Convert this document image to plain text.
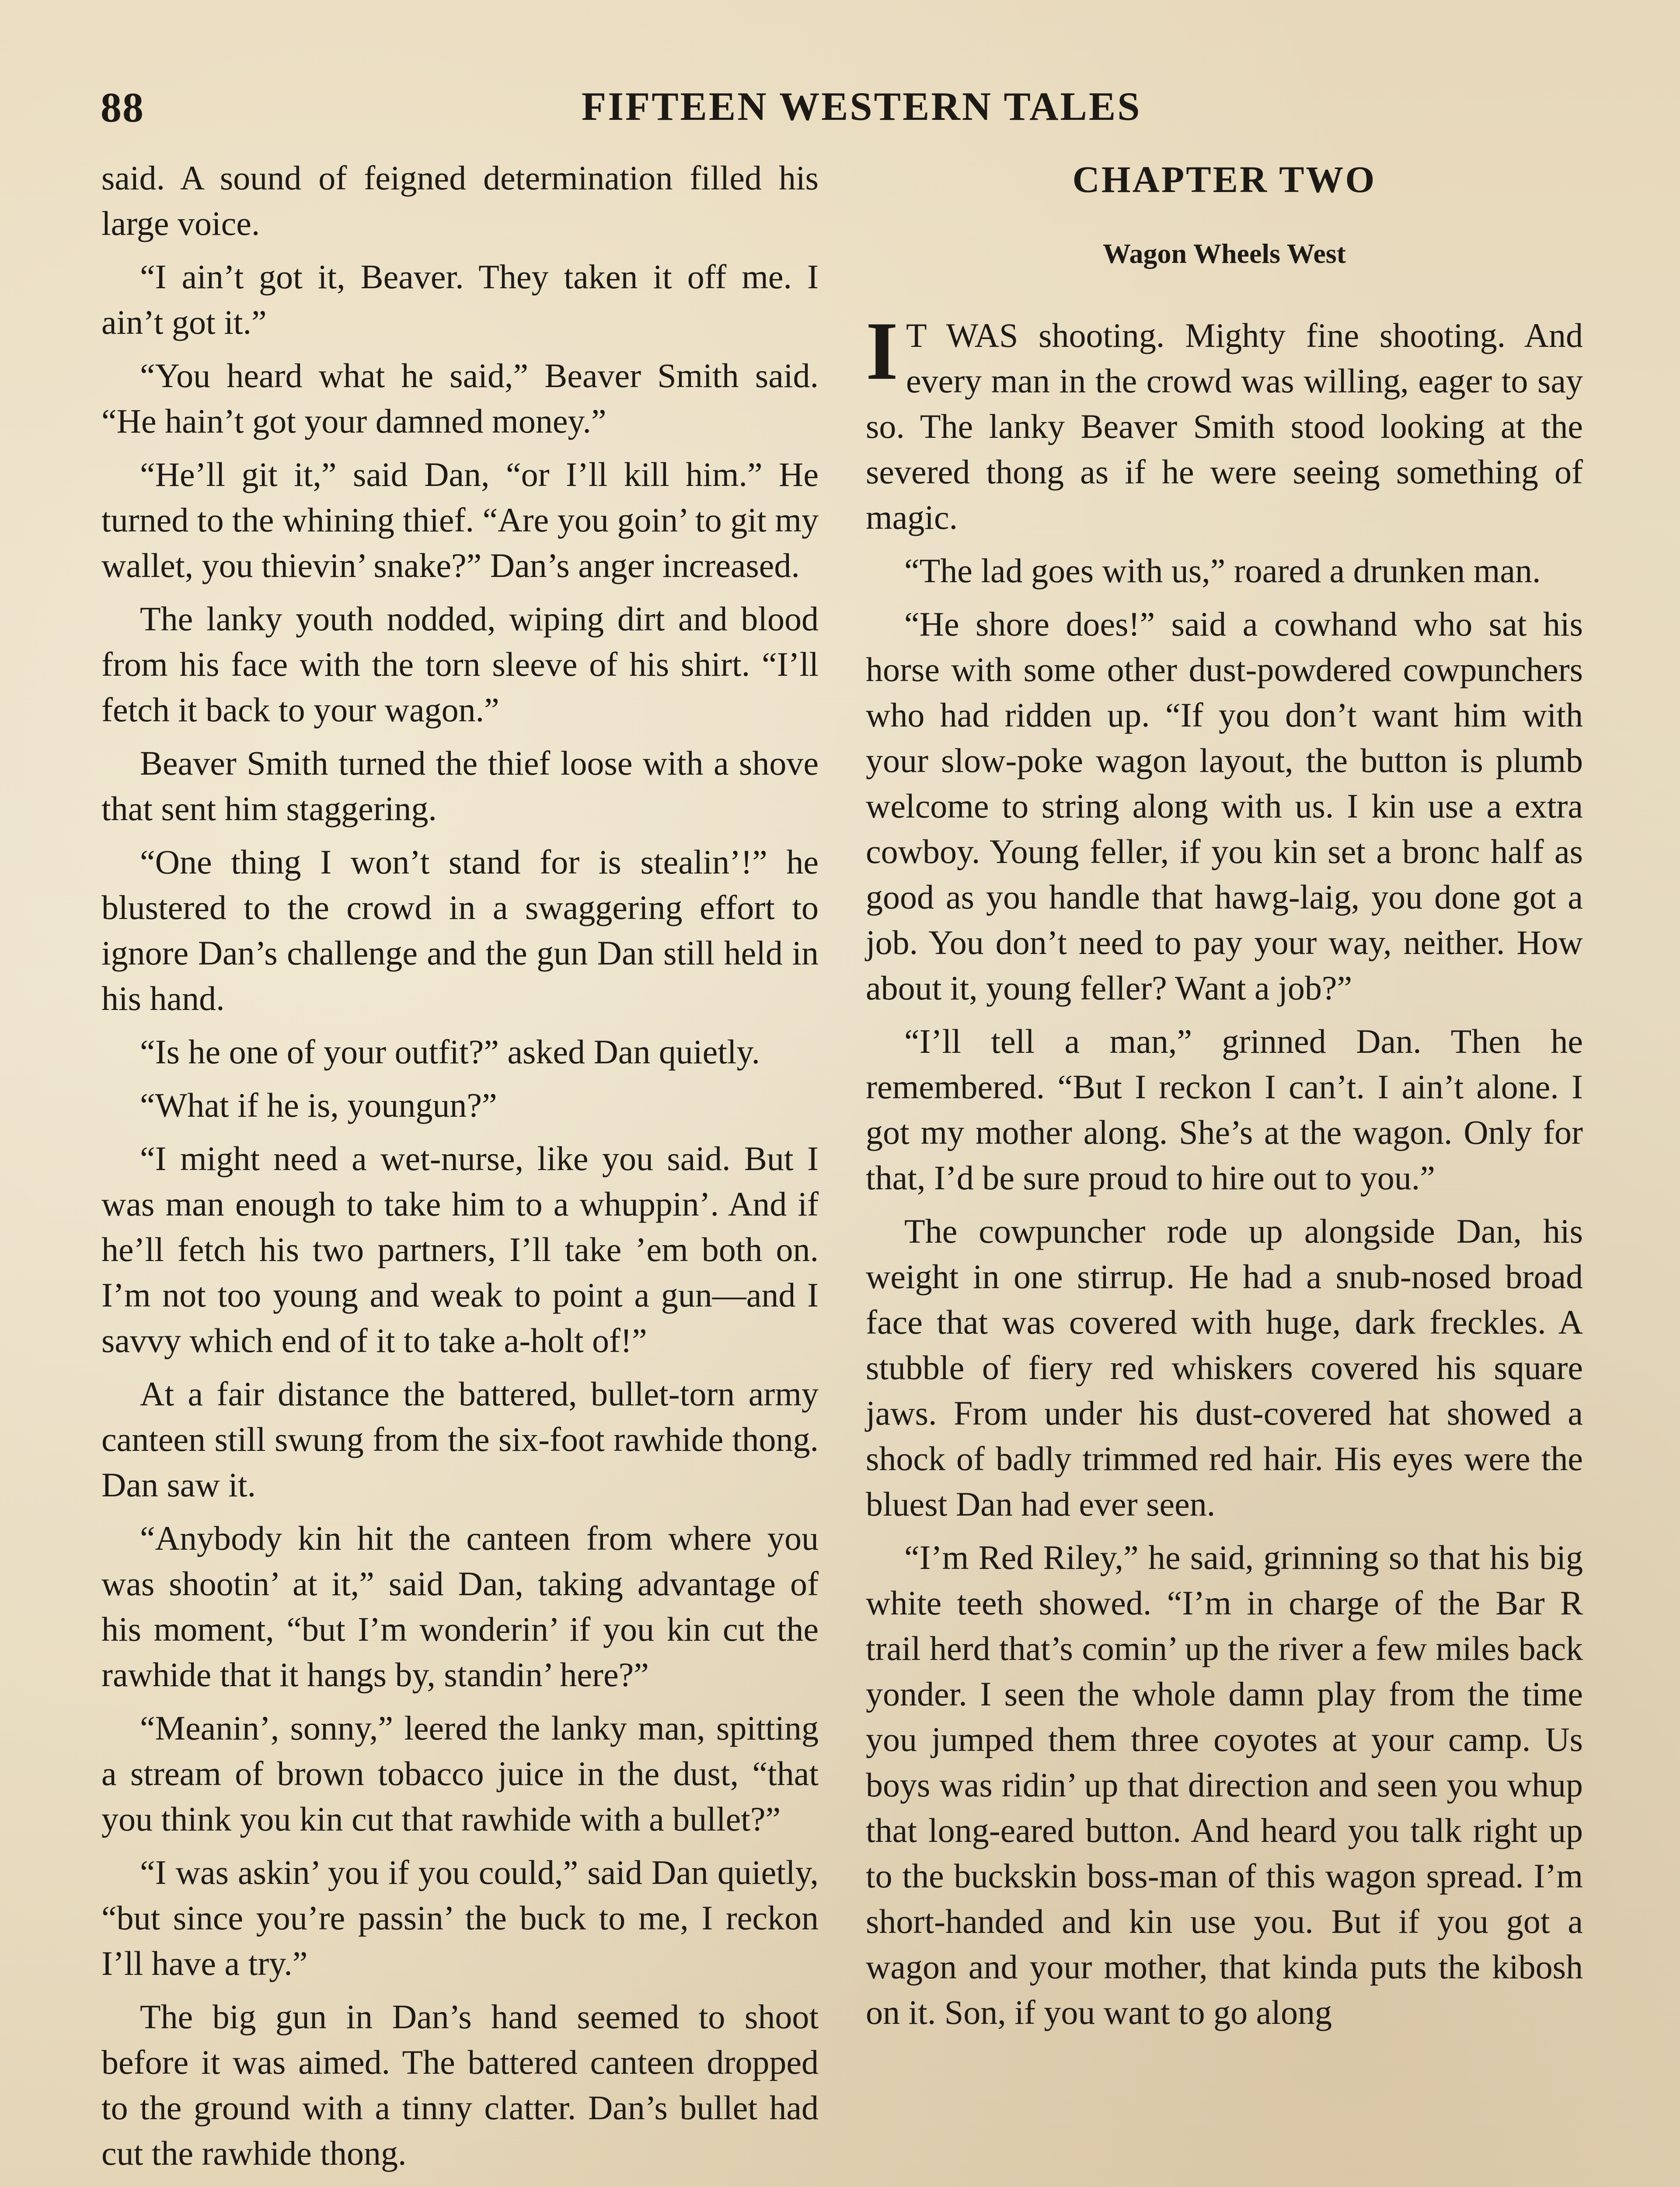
88	FIFTEEN WESTERN TALES

said. A sound of feigned determination filled his large voice.

“I ain’t got it, Beaver. They taken it off me. I ain’t got it.”

“You heard what he said,” Beaver Smith said. “He hain’t got your damned money.”

“He’ll git it,” said Dan, “or I’ll kill him.” He turned to the whining thief. “Are you goin’ to git my wallet, you thievin’ snake?” Dan’s anger increased.

The lanky youth nodded, wiping dirt and blood from his face with the torn sleeve of his shirt. “I’ll fetch it back to your wagon.”

Beaver Smith turned the thief loose with a shove that sent him staggering.

“One thing I won’t stand for is stealin’!” he blustered to the crowd in a swaggering effort to ignore Dan’s challenge and the gun Dan still held in his hand.

“Is he one of your outfit?” asked Dan quietly.

“What if he is, youngun?”

“I might need a wet-nurse, like you said. But I was man enough to take him to a whuppin’. And if he’ll fetch his two partners, I’ll take ’em both on. I’m not too young and weak to point a gun—and I savvy which end of it to take a-holt of!”

At a fair distance the battered, bullet-torn army canteen still swung from the six-foot rawhide thong. Dan saw it.

“Anybody kin hit the canteen from where you was shootin’ at it,” said Dan, taking advantage of his moment, “but I’m wonderin’ if you kin cut the rawhide that it hangs by, standin’ here?”

“Meanin’, sonny,” leered the lanky man, spitting a stream of brown tobacco juice in the dust, “that you think you kin cut that rawhide with a bullet?”

“I was askin’ you if you could,” said Dan quietly, “but since you’re passin’ the buck to me, I reckon I’ll have a try.”

The big gun in Dan’s hand seemed to shoot before it was aimed. The battered canteen dropped to the ground with a tinny clatter. Dan’s bullet had cut the rawhide thong.

CHAPTER TWO
Wagon Wheels West

I T WAS shooting. Mighty fine shooting. And every man in the crowd was willing, eager to say so. The lanky Beaver Smith stood looking at the severed thong as if he were seeing something of magic.

“The lad goes with us,” roared a drunken man.

“He shore does!” said a cowhand who sat his horse with some other dust-powdered cowpunchers who had ridden up. “If you don’t want him with your slow-poke wagon layout, the button is plumb welcome to string along with us. I kin use a extra cowboy. Young feller, if you kin set a bronc half as good as you handle that hawg-laig, you done got a job. You don’t need to pay your way, neither. How about it, young feller? Want a job?”

“I’ll tell a man,” grinned Dan. Then he remembered. “But I reckon I can’t. I ain’t alone. I got my mother along. She’s at the wagon. Only for that, I’d be sure proud to hire out to you.”

The cowpuncher rode up alongside Dan, his weight in one stirrup. He had a snub-nosed broad face that was covered with huge, dark freckles. A stubble of fiery red whiskers covered his square jaws. From under his dust-covered hat showed a shock of badly trimmed red hair. His eyes were the bluest Dan had ever seen.

“I’m Red Riley,” he said, grinning so that his big white teeth showed. “I’m in charge of the Bar R trail herd that’s comin’ up the river a few miles back yonder. I seen the whole damn play from the time you jumped them three coyotes at your camp. Us boys was ridin’ up that direction and seen you whup that long-eared button. And heard you talk right up to the buckskin boss-man of this wagon spread. I’m short-handed and kin use you. But if you got a wagon and your mother, that kinda puts the kibosh on it. Son, if you want to go along
